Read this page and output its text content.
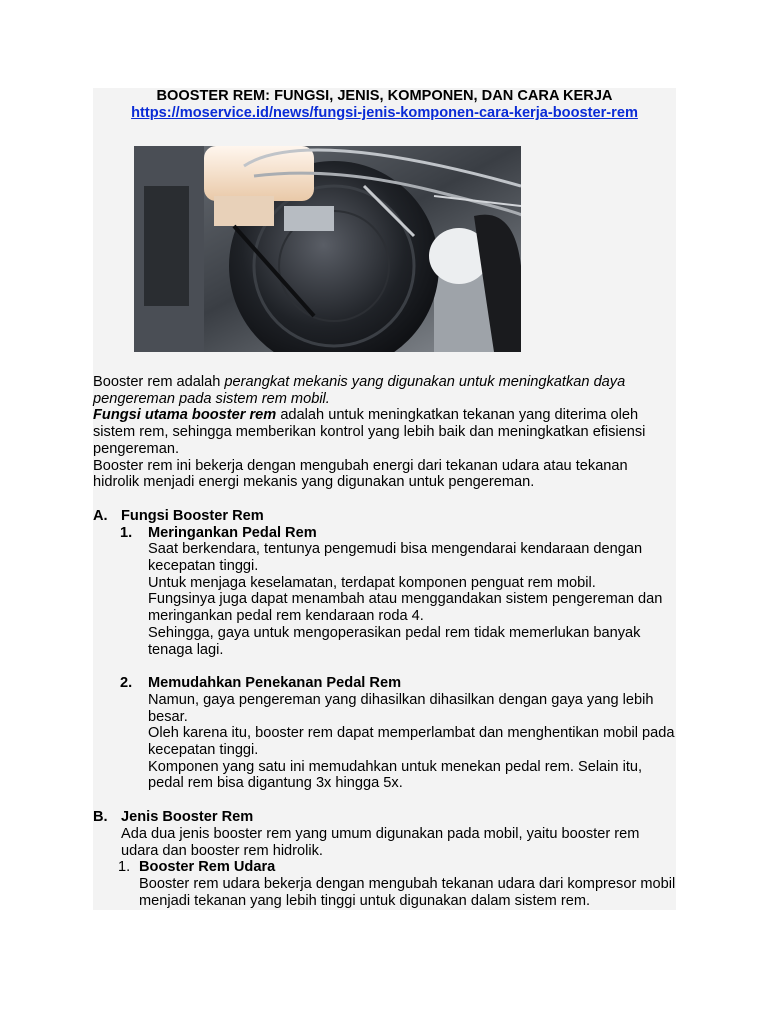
BOOSTER REM: FUNGSI, JENIS, KOMPONEN, DAN CARA KERJA

https://moservice.id/news/fungsi-jenis-komponen-cara-kerja-booster-rem

Booster rem adalah perangkat mekanis yang digunakan untuk meningkatkan daya pengereman pada sistem rem mobil.

Fungsi utama booster rem adalah untuk meningkatkan tekanan yang diterima oleh sistem rem, sehingga memberikan kontrol yang lebih baik dan meningkatkan efisiensi pengereman.

Booster rem ini bekerja dengan mengubah energi dari tekanan udara atau tekanan hidrolik menjadi energi mekanis yang digunakan untuk pengereman.

A. Fungsi Booster Rem
1. Meringankan Pedal Rem

Saat berkendara, tentunya pengemudi bisa mengendarai kendaraan dengan kecepatan tinggi.

Untuk menjaga keselamatan, terdapat komponen penguat rem mobil.

Fungsinya juga dapat menambah atau menggandakan sistem pengereman dan meringankan pedal rem kendaraan roda 4.

Sehingga, gaya untuk mengoperasikan pedal rem tidak memerlukan banyak tenaga lagi.

2. Memudahkan Penekanan Pedal Rem

Namun, gaya pengereman yang dihasilkan dihasilkan dengan gaya yang lebih besar.

Oleh karena itu, booster rem dapat memperlambat dan menghentikan mobil pada kecepatan tinggi.

Komponen yang satu ini memudahkan untuk menekan pedal rem. Selain itu, pedal rem bisa digantung 3x hingga 5x.

B. Jenis Booster Rem

Ada dua jenis booster rem yang umum digunakan pada mobil, yaitu booster rem udara dan booster rem hidrolik.

1. Booster Rem Udara

Booster rem udara bekerja dengan mengubah tekanan udara dari kompresor mobil menjadi tekanan yang lebih tinggi untuk digunakan dalam sistem rem.
